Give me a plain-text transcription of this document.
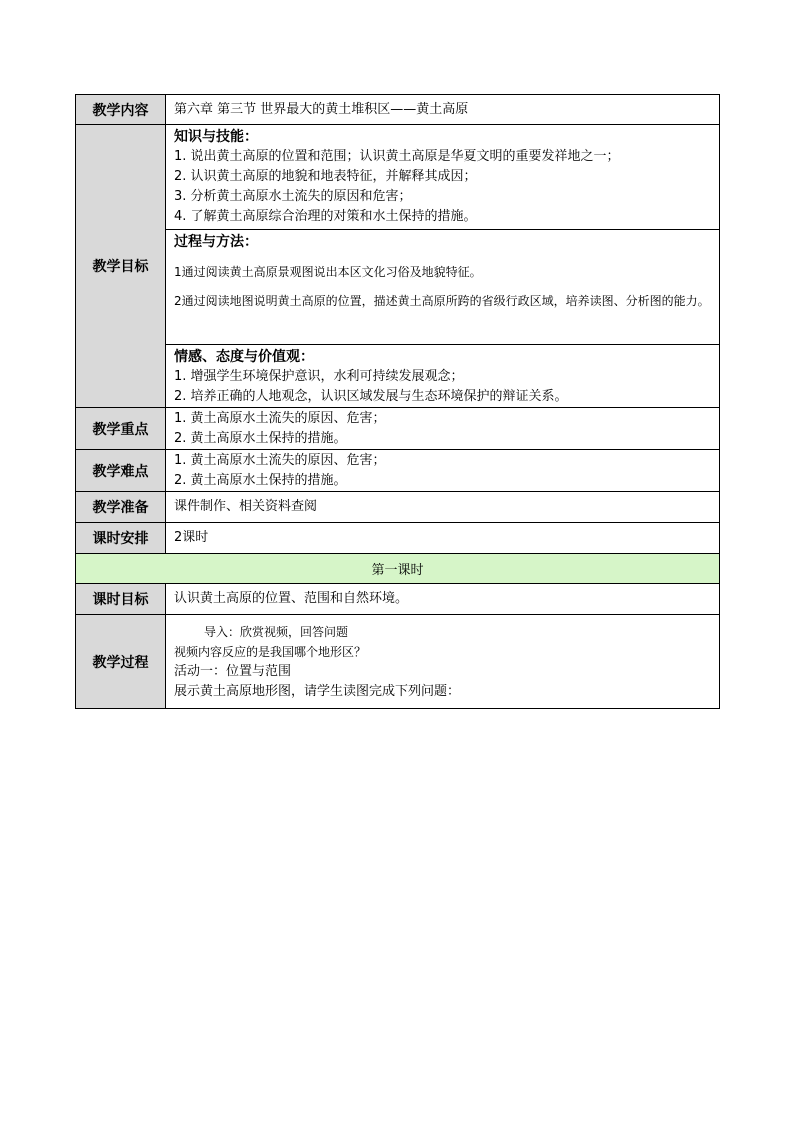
教学内容	第六章 第三节 世界最大的黄土堆积区——黄土高原

教学目标	知识与技能：
1. 说出黄土高原的位置和范围；认识黄土高原是华夏文明的重要发祥地之一；
2. 认识黄土高原的地貌和地表特征，并解释其成因；
3. 分析黄土高原水土流失的原因和危害；
4. 了解黄土高原综合治理的对策和水土保持的措施。

	过程与方法：
1通过阅读黄土高原景观图说出本区文化习俗及地貌特征。
2通过阅读地图说明黄土高原的位置，描述黄土高原所跨的省级行政区域，培养读图、分析图的能力。

	情感、态度与价值观：
1. 增强学生环境保护意识，水利可持续发展观念；
2. 培养正确的人地观念，认识区域发展与生态环境保护的辩证关系。

教学重点	1. 黄土高原水土流失的原因、危害；
2. 黄土高原水土保持的措施。

教学难点	1. 黄土高原水土流失的原因、危害；
2. 黄土高原水土保持的措施。

教学准备	课件制作、相关资料查阅

课时安排	2课时

第一课时	
课时目标	认识黄土高原的位置、范围和自然环境。

教学过程	导入：欣赏视频，回答问题
视频内容反应的是我国哪个地形区？
活动一：位置与范围
展示黄土高原地形图，请学生读图完成下列问题：
